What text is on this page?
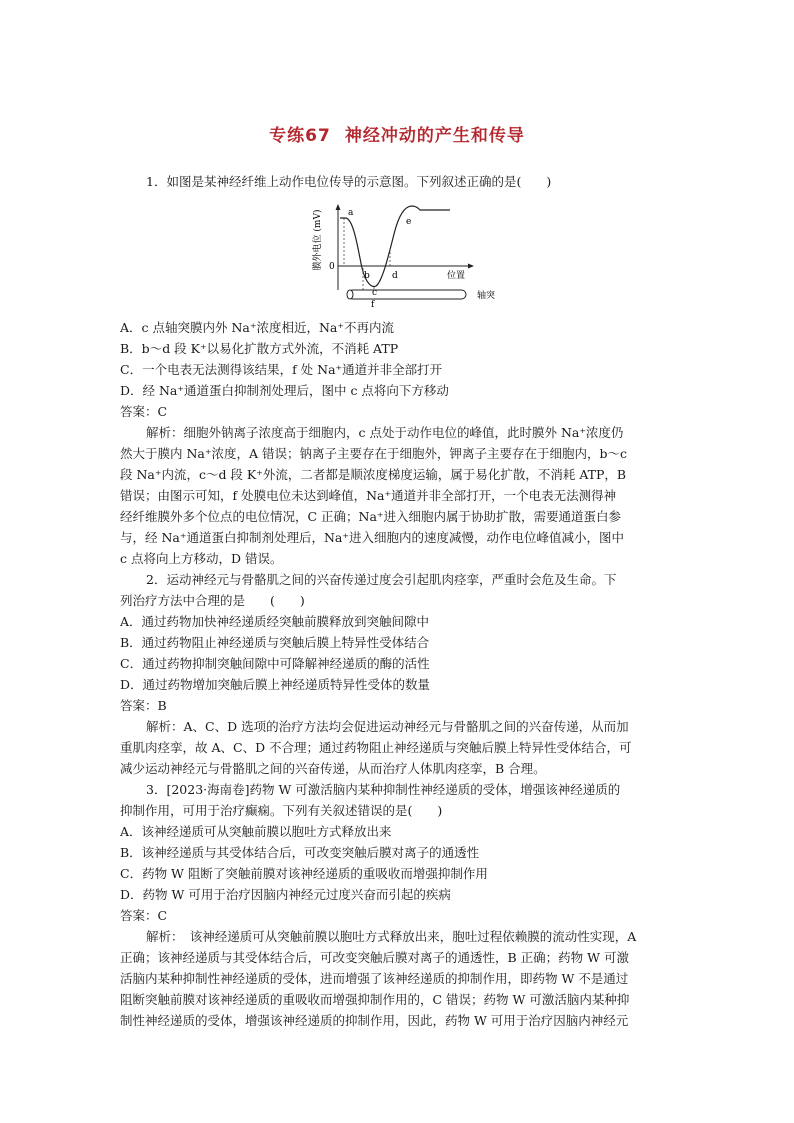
专练67 神经冲动的产生和传导
1．如图是某神经纤维上动作电位传导的示意图。下列叙述正确的是(　　)
膜外电位 (mV) 0
位置
轴突
a
b
c
d
e
f
A．c 点轴突膜内外 Na⁺浓度相近，Na⁺不再内流
B．b～d 段 K⁺以易化扩散方式外流，不消耗 ATP
C．一个电表无法测得该结果，f 处 Na⁺通道并非全部打开
D．经 Na⁺通道蛋白抑制剂处理后，图中 c 点将向下方移动
答案：C
解析：细胞外钠离子浓度高于细胞内，c 点处于动作电位的峰值，此时膜外 Na⁺浓度仍
然大于膜内 Na⁺浓度，A 错误；钠离子主要存在于细胞外，钾离子主要存在于细胞内，b～c
段 Na⁺内流，c～d 段 K⁺外流，二者都是顺浓度梯度运输，属于易化扩散，不消耗 ATP，B
错误；由图示可知，f 处膜电位未达到峰值，Na⁺通道并非全部打开，一个电表无法测得神
经纤维膜外多个位点的电位情况，C 正确；Na⁺进入细胞内属于协助扩散，需要通道蛋白参
与，经 Na⁺通道蛋白抑制剂处理后，Na⁺进入细胞内的速度减慢，动作电位峰值减小，图中
c 点将向上方移动，D 错误。
2．运动神经元与骨骼肌之间的兴奋传递过度会引起肌肉痉挛，严重时会危及生命。下
列治疗方法中合理的是　　(　　)
A．通过药物加快神经递质经突触前膜释放到突触间隙中
B．通过药物阻止神经递质与突触后膜上特异性受体结合
C．通过药物抑制突触间隙中可降解神经递质的酶的活性
D．通过药物增加突触后膜上神经递质特异性受体的数量
答案：B
解析：A、C、D 选项的治疗方法均会促进运动神经元与骨骼肌之间的兴奋传递，从而加
重肌肉痉挛，故 A、C、D 不合理；通过药物阻止神经递质与突触后膜上特异性受体结合，可
减少运动神经元与骨骼肌之间的兴奋传递，从而治疗人体肌肉痉挛，B 合理。
3．[2023·海南卷]药物 W 可激活脑内某种抑制性神经递质的受体，增强该神经递质的
抑制作用，可用于治疗癫痫。下列有关叙述错误的是(　　)
A．该神经递质可从突触前膜以胞吐方式释放出来
B．该神经递质与其受体结合后，可改变突触后膜对离子的通透性
C．药物 W 阻断了突触前膜对该神经递质的重吸收而增强抑制作用
D．药物 W 可用于治疗因脑内神经元过度兴奋而引起的疾病
答案：C
解析：　该神经递质可从突触前膜以胞吐方式释放出来，胞吐过程依赖膜的流动性实现，A
正确；该神经递质与其受体结合后，可改变突触后膜对离子的通透性，B 正确；药物 W 可激
活脑内某种抑制性神经递质的受体，进而增强了该神经递质的抑制作用，即药物 W 不是通过
阻断突触前膜对该神经递质的重吸收而增强抑制作用的，C 错误；药物 W 可激活脑内某种抑
制性神经递质的受体，增强该神经递质的抑制作用，因此，药物 W 可用于治疗因脑内神经元
